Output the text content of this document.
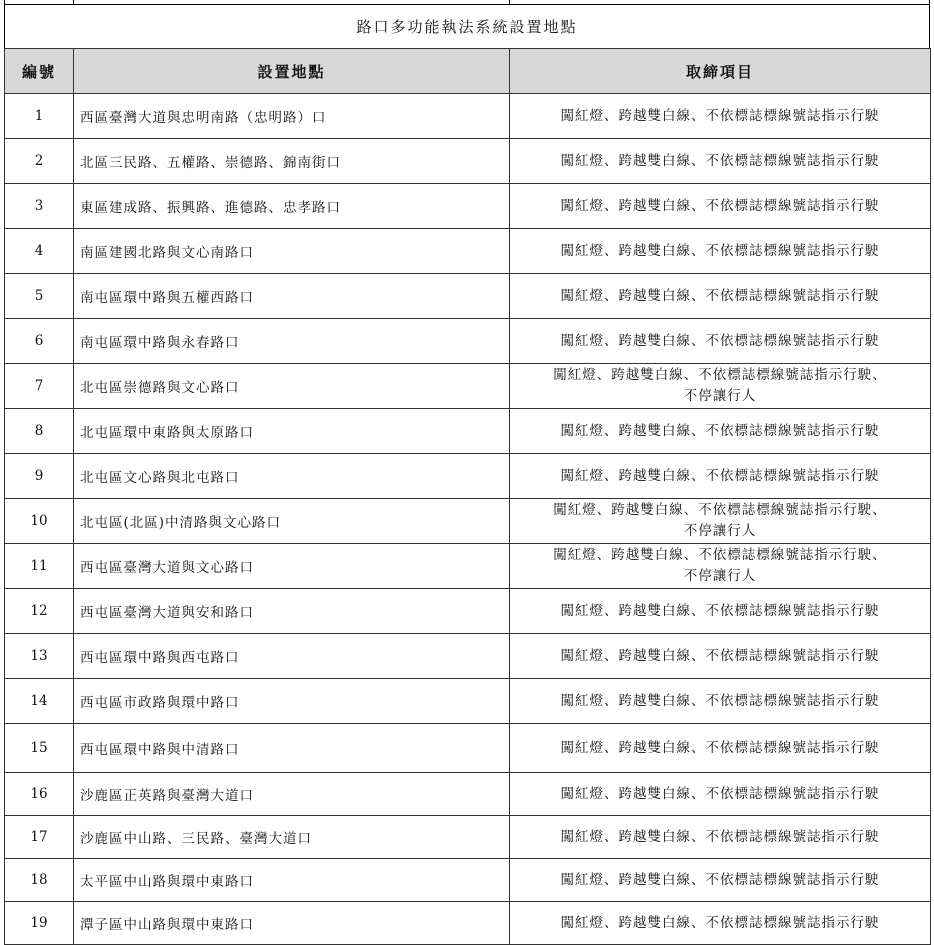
路口多功能執法系統設置地點
編號	設置地點	取締項目
1	西區臺灣大道與忠明南路（忠明路）口	闖紅燈、跨越雙白線、不依標誌標線號誌指示行駛

2	北區三民路、五權路、崇德路、錦南街口	闖紅燈、跨越雙白線、不依標誌標線號誌指示行駛

3	東區建成路、振興路、進德路、忠孝路口	闖紅燈、跨越雙白線、不依標誌標線號誌指示行駛

4	南區建國北路與文心南路口	闖紅燈、跨越雙白線、不依標誌標線號誌指示行駛

5	南屯區環中路與五權西路口	闖紅燈、跨越雙白線、不依標誌標線號誌指示行駛

6	南屯區環中路與永春路口	闖紅燈、跨越雙白線、不依標誌標線號誌指示行駛

7	北屯區崇德路與文心路口	闖紅燈、跨越雙白線、不依標誌標線號誌指示行駛、
不停讓行人

8	北屯區環中東路與太原路口	闖紅燈、跨越雙白線、不依標誌標線號誌指示行駛

9	北屯區文心路與北屯路口	闖紅燈、跨越雙白線、不依標誌標線號誌指示行駛

10	北屯區(北區)中清路與文心路口	闖紅燈、跨越雙白線、不依標誌標線號誌指示行駛、
不停讓行人

11	西屯區臺灣大道與文心路口	闖紅燈、跨越雙白線、不依標誌標線號誌指示行駛、
不停讓行人

12	西屯區臺灣大道與安和路口	闖紅燈、跨越雙白線、不依標誌標線號誌指示行駛

13	西屯區環中路與西屯路口	闖紅燈、跨越雙白線、不依標誌標線號誌指示行駛

14	西屯區市政路與環中路口	闖紅燈、跨越雙白線、不依標誌標線號誌指示行駛

15	西屯區環中路與中清路口	闖紅燈、跨越雙白線、不依標誌標線號誌指示行駛

16	沙鹿區正英路與臺灣大道口	闖紅燈、跨越雙白線、不依標誌標線號誌指示行駛

17	沙鹿區中山路、三民路、臺灣大道口	闖紅燈、跨越雙白線、不依標誌標線號誌指示行駛

18	太平區中山路與環中東路口	闖紅燈、跨越雙白線、不依標誌標線號誌指示行駛

19	潭子區中山路與環中東路口	闖紅燈、跨越雙白線、不依標誌標線號誌指示行駛
